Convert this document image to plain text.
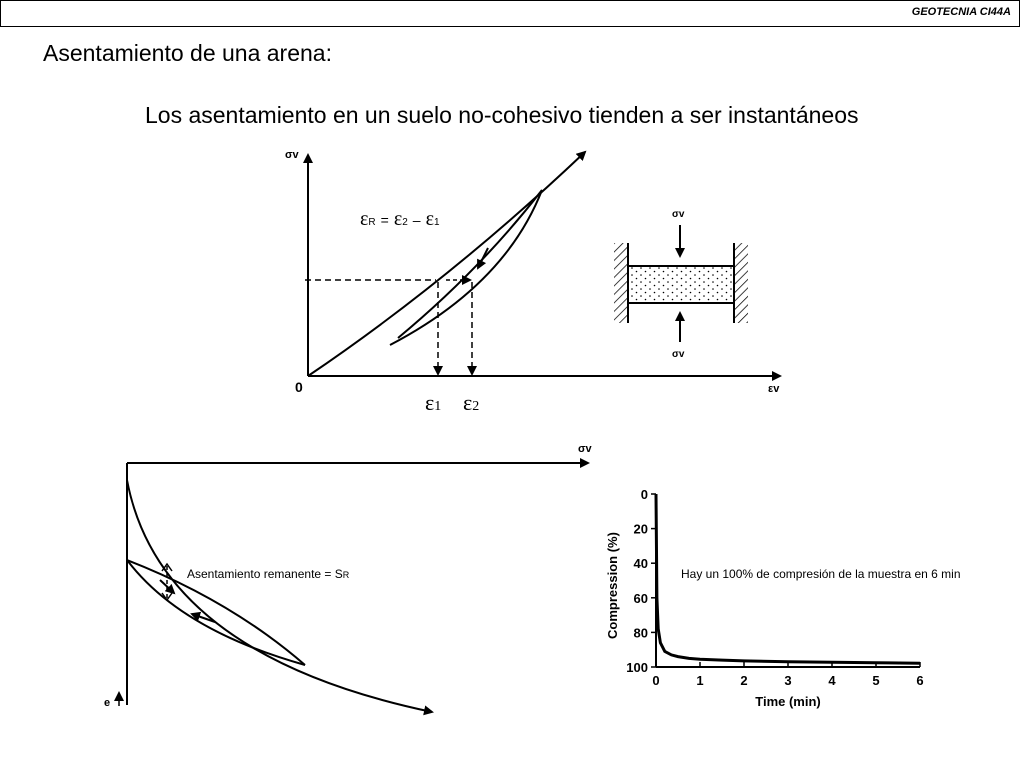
GEOTECNIA CI44A
Asentamiento de una arena:
Los asentamiento en un suelo no-cohesivo tienden a ser instantáneos
σv
εv
0
εR = ε2 – ε1
ε1 ε2
σv
σv
σv
e
Asentamiento remanente = SR
0
20
40
60
80
100
0	1	2	3	4	5	6
Time (min)
Compression (%)	Hay un 100% de compresión de la muestra en 6 min
